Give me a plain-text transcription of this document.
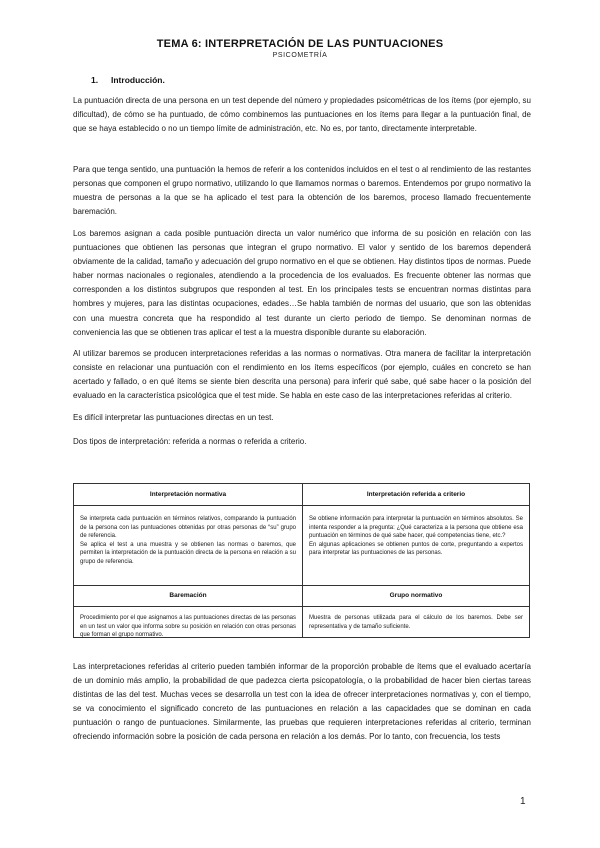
TEMA 6: INTERPRETACIÓN DE LAS PUNTUACIONES
PSICOMETRÍA
1. Introducción.

La puntuación directa de una persona en un test depende del número y propiedades psicométricas de los ítems (por ejemplo, su dificultad), de cómo se ha puntuado, de cómo combinemos las puntuaciones en los ítems para llegar a la puntuación final, de que se haya establecido o no un tiempo límite de administración, etc. No es, por tanto, directamente interpretable.

Para que tenga sentido, una puntuación la hemos de referir a los contenidos incluidos en el test o al rendimiento de las restantes personas que componen el grupo normativo, utilizando lo que llamamos normas o baremos. Entendemos por grupo normativo la muestra de personas a la que se ha aplicado el test para la obtención de los baremos, proceso llamado frecuentemente baremación.

Los baremos asignan a cada posible puntuación directa un valor numérico que informa de su posición en relación con las puntuaciones que obtienen las personas que integran el grupo normativo. El valor y sentido de los baremos dependerá obviamente de la calidad, tamaño y adecuación del grupo normativo en el que se obtienen. Hay distintos tipos de normas. Puede haber normas nacionales o regionales, atendiendo a la procedencia de los evaluados. Es frecuente obtener las normas que corresponden a los distintos subgrupos que responden al test. En los principales tests se encuentran normas distintas para hombres y mujeres, para las distintas ocupaciones, edades…Se habla también de normas del usuario, que son las obtenidas con una muestra concreta que ha respondido al test durante un cierto periodo de tiempo. Se denominan normas de conveniencia las que se obtienen tras aplicar el test a la muestra disponible durante su elaboración.

Al utilizar baremos se producen interpretaciones referidas a las normas o normativas. Otra manera de facilitar la interpretación consiste en relacionar una puntuación con el rendimiento en los ítems específicos (por ejemplo, cuáles en concreto se han acertado y fallado, o en qué ítems se siente bien descrita una persona) para inferir qué sabe, qué sabe hacer o la posición del evaluado en la característica psicológica que el test mide. Se habla en este caso de las interpretaciones referidas al criterio.

Es difícil interpretar las puntuaciones directas en un test.

Dos tipos de interpretación: referida a normas o referida a criterio.

Interpretación normativa	Interpretación referida a criterio
Se interpreta cada puntuación en términos relativos, comparando la puntuación de la persona con las puntuaciones obtenidas por otras personas de “su” grupo de referencia.
Se aplica el test a una muestra y se obtienen las normas o baremos, que permiten la interpretación de la puntuación directa de la persona en relación a su grupo de referencia.
Se obtiene información para interpretar la puntuación en términos absolutos. Se intenta responder a la pregunta: ¿Qué caracteriza a la persona que obtiene esa puntuación en términos de qué sabe hacer, qué competencias tiene, etc.?
En algunas aplicaciones se obtienen puntos de corte, preguntando a expertos para interpretar las puntuaciones de las personas.
Baremación	Grupo normativo
Procedimiento por el que asignamos a las puntuaciones directas de las personas en un test un valor que informa sobre su posición en relación con otras personas que forman el grupo normativo.
Muestra de personas utilizada para el cálculo de los baremos. Debe ser representativa y de tamaño suficiente.

Las interpretaciones referidas al criterio pueden también informar de la proporción probable de ítems que el evaluado acertaría de un dominio más amplio, la probabilidad de que padezca cierta psicopatología, o la probabilidad de hacer bien ciertas tareas distintas de las del test. Muchas veces se desarrolla un test con la idea de ofrecer interpretaciones normativas y, con el tiempo, se va conocimiento el significado concreto de las puntuaciones en relación a las capacidades que se dominan en cada puntuación o rango de puntuaciones. Similarmente, las pruebas que requieren interpretaciones referidas al criterio, terminan ofreciendo información sobre la posición de cada persona en relación a los demás. Por lo tanto, con frecuencia, los tests

1
